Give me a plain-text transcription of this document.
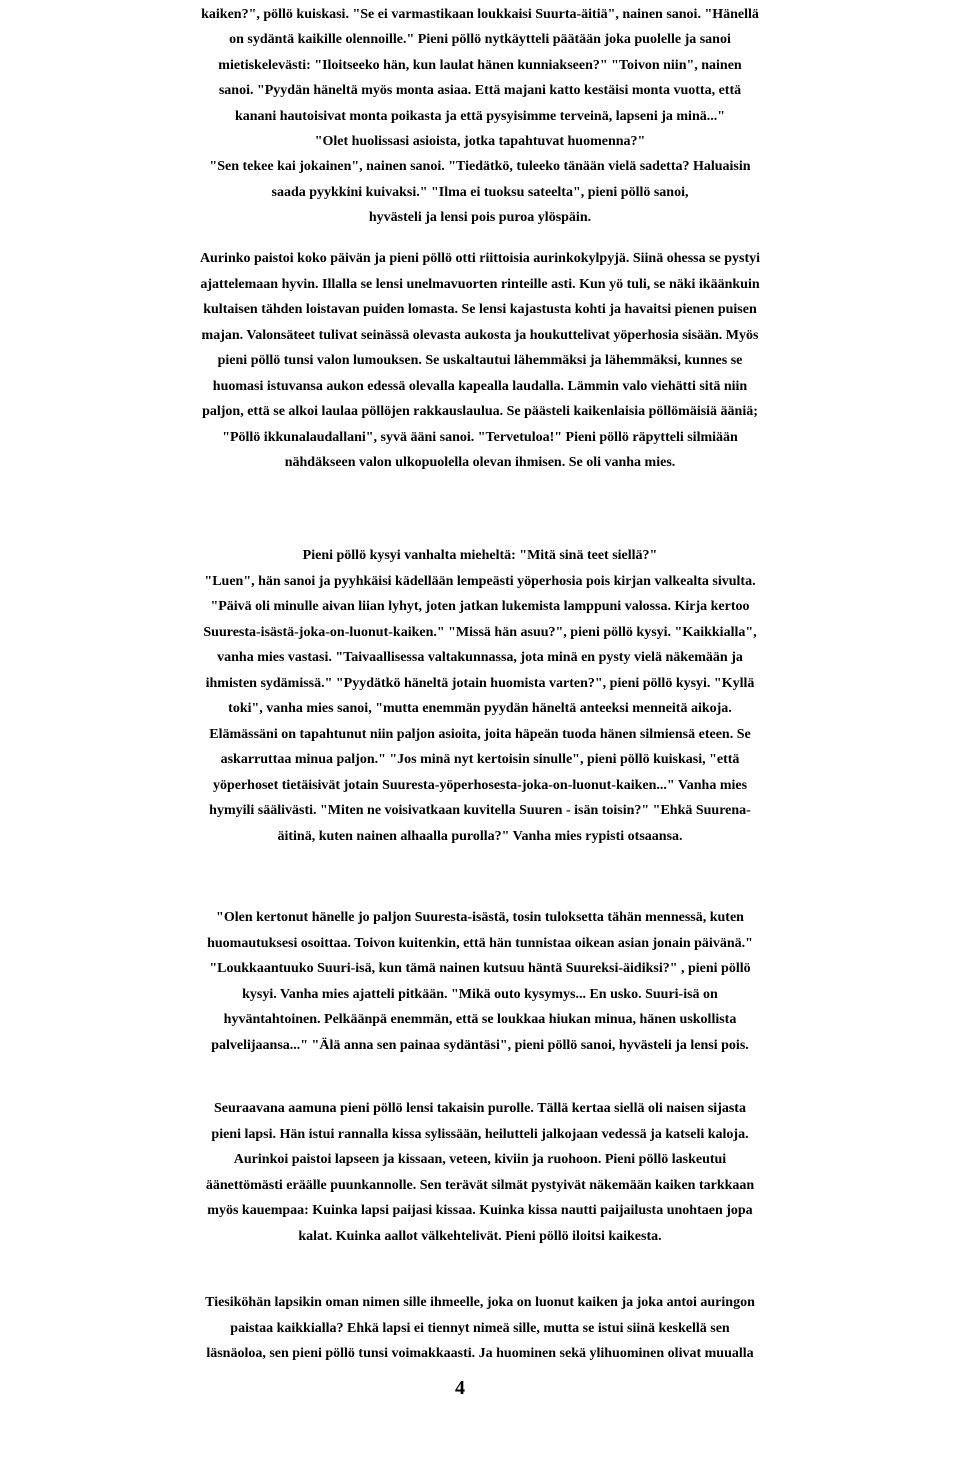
kaiken?", pöllö kuiskasi. "Se ei varmastikaan loukkaisi Suurta-äitiä", nainen sanoi. "Hänellä
on sydäntä kaikille olennoille." Pieni pöllö nytkäytteli päätään joka puolelle ja sanoi
mietiskelevästi: "Iloitseeko hän, kun laulat hänen kunniakseen?" "Toivon niin", nainen
sanoi. "Pyydän häneltä myös monta asiaa. Että majani katto kestäisi monta vuotta, että
kanani hautoisivat monta poikasta ja että pysyisimme terveinä, lapseni ja minä..."
"Olet huolissasi asioista, jotka tapahtuvat huomenna?"
"Sen tekee kai jokainen", nainen sanoi. "Tiedätkö, tuleeko tänään vielä sadetta? Haluaisin
saada pyykkini kuivaksi." "Ilma ei tuoksu sateelta", pieni pöllö sanoi,
hyvästeli ja lensi pois puroa ylöspäin.
Aurinko paistoi koko päivän ja pieni pöllö otti riittoisia aurinkokylpyjä. Siinä ohessa se pystyi
ajattelemaan hyvin. Illalla se lensi unelmavuorten rinteille asti. Kun yö tuli, se näki ikäänkuin
kultaisen tähden loistavan puiden lomasta. Se lensi kajastusta kohti ja havaitsi pienen puisen
majan. Valonsäteet tulivat seinässä olevasta aukosta ja houkuttelivat yöperhosia sisään. Myös
pieni pöllö tunsi valon lumouksen. Se uskaltautui lähemmäksi ja lähemmäksi, kunnes se
huomasi istuvansa aukon edessä olevalla kapealla laudalla. Lämmin valo viehätti sitä niin
paljon, että se alkoi laulaa pöllöjen rakkauslaulua. Se päästeli kaikenlaisia pöllömäisiä ääniä;
"Pöllö ikkunalaudallani", syvä ääni sanoi. "Tervetuloa!" Pieni pöllö räpytteli silmiään
nähdäkseen valon ulkopuolella olevan ihmisen. Se oli vanha mies.
Pieni pöllö kysyi vanhalta mieheltä: "Mitä sinä teet siellä?"
"Luen", hän sanoi ja pyyhkäisi kädellään lempeästi yöperhosia pois kirjan valkealta sivulta.
"Päivä oli minulle aivan liian lyhyt, joten jatkan lukemista lamppuni valossa. Kirja kertoo
Suuresta-isästä-joka-on-luonut-kaiken." "Missä hän asuu?", pieni pöllö kysyi. "Kaikkialla",
vanha mies vastasi. "Taivaallisessa valtakunnassa, jota minä en pysty vielä näkemään ja
ihmisten sydämissä." "Pyydätkö häneltä jotain huomista varten?", pieni pöllö kysyi. "Kyllä
toki", vanha mies sanoi, "mutta enemmän pyydän häneltä anteeksi menneitä aikoja.
Elämässäni on tapahtunut niin paljon asioita, joita häpeän tuoda hänen silmiensä eteen. Se
askarruttaa minua paljon." "Jos minä nyt kertoisin sinulle", pieni pöllö kuiskasi, "että
yöperhoset tietäisivät jotain Suuresta-yöperhosesta-joka-on-luonut-kaiken..." Vanha mies
hymyili säälivästi. "Miten ne voisivatkaan kuvitella Suuren - isän toisin?" "Ehkä Suurena-
äitinä, kuten nainen alhaalla purolla?" Vanha mies rypisti otsaansa.
"Olen kertonut hänelle jo paljon Suuresta-isästä, tosin tuloksetta tähän mennessä, kuten
huomautuksesi osoittaa. Toivon kuitenkin, että hän tunnistaa oikean asian jonain päivänä."
"Loukkaantuuko Suuri-isä, kun tämä nainen kutsuu häntä Suureksi-äidiksi?" , pieni pöllö
kysyi. Vanha mies ajatteli pitkään. "Mikä outo kysymys... En usko. Suuri-isä on
hyväntahtoinen. Pelkäänpä enemmän, että se loukkaa hiukan minua, hänen uskollista
palvelijaansa..." "Älä anna sen painaa sydäntäsi", pieni pöllö sanoi, hyvästeli ja lensi pois.
Seuraavana aamuna pieni pöllö lensi takaisin purolle. Tällä kertaa siellä oli naisen sijasta
pieni lapsi. Hän istui rannalla kissa sylissään, heilutteli jalkojaan vedessä ja katseli kaloja.
Aurinkoi paistoi lapseen ja kissaan, veteen, kiviin ja ruohoon. Pieni pöllö laskeutui
äänettömästi eräälle puunkannolle. Sen terävät silmät pystyivät näkemään kaiken tarkkaan
myös kauempaa: Kuinka lapsi paijasi kissaa. Kuinka kissa nautti paijailusta unohtaen jopa
kalat. Kuinka aallot välkehtelivät. Pieni pöllö iloitsi kaikesta.
Tiesiköhän lapsikin oman nimen sille ihmeelle, joka on luonut kaiken ja joka antoi auringon
paistaa kaikkialla? Ehkä lapsi ei tiennyt nimeä sille, mutta se istui siinä keskellä sen
läsnäoloa, sen pieni pöllö tunsi voimakkaasti. Ja huominen sekä ylihuominen olivat muualla
4
